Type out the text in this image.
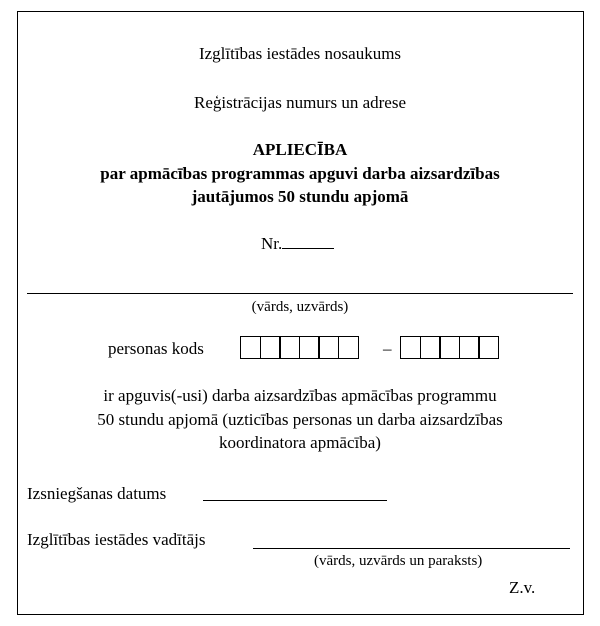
Izglītības iestādes nosaukums
Reģistrācijas numurs un adrese
APLIECĪBA
par apmācības programmas apguvi darba aizsardzības
jautājumos 50 stundu apjomā
Nr.
(vārds, uzvārds)
personas kods	–
ir apguvis(-usi) darba aizsardzības apmācības programmu
50 stundu apjomā (uzticības personas un darba aizsardzības
koordinatora apmācība)
Izsniegšanas datums
Izglītības iestādes vadītājs
(vārds, uzvārds un paraksts)
Z.v.
